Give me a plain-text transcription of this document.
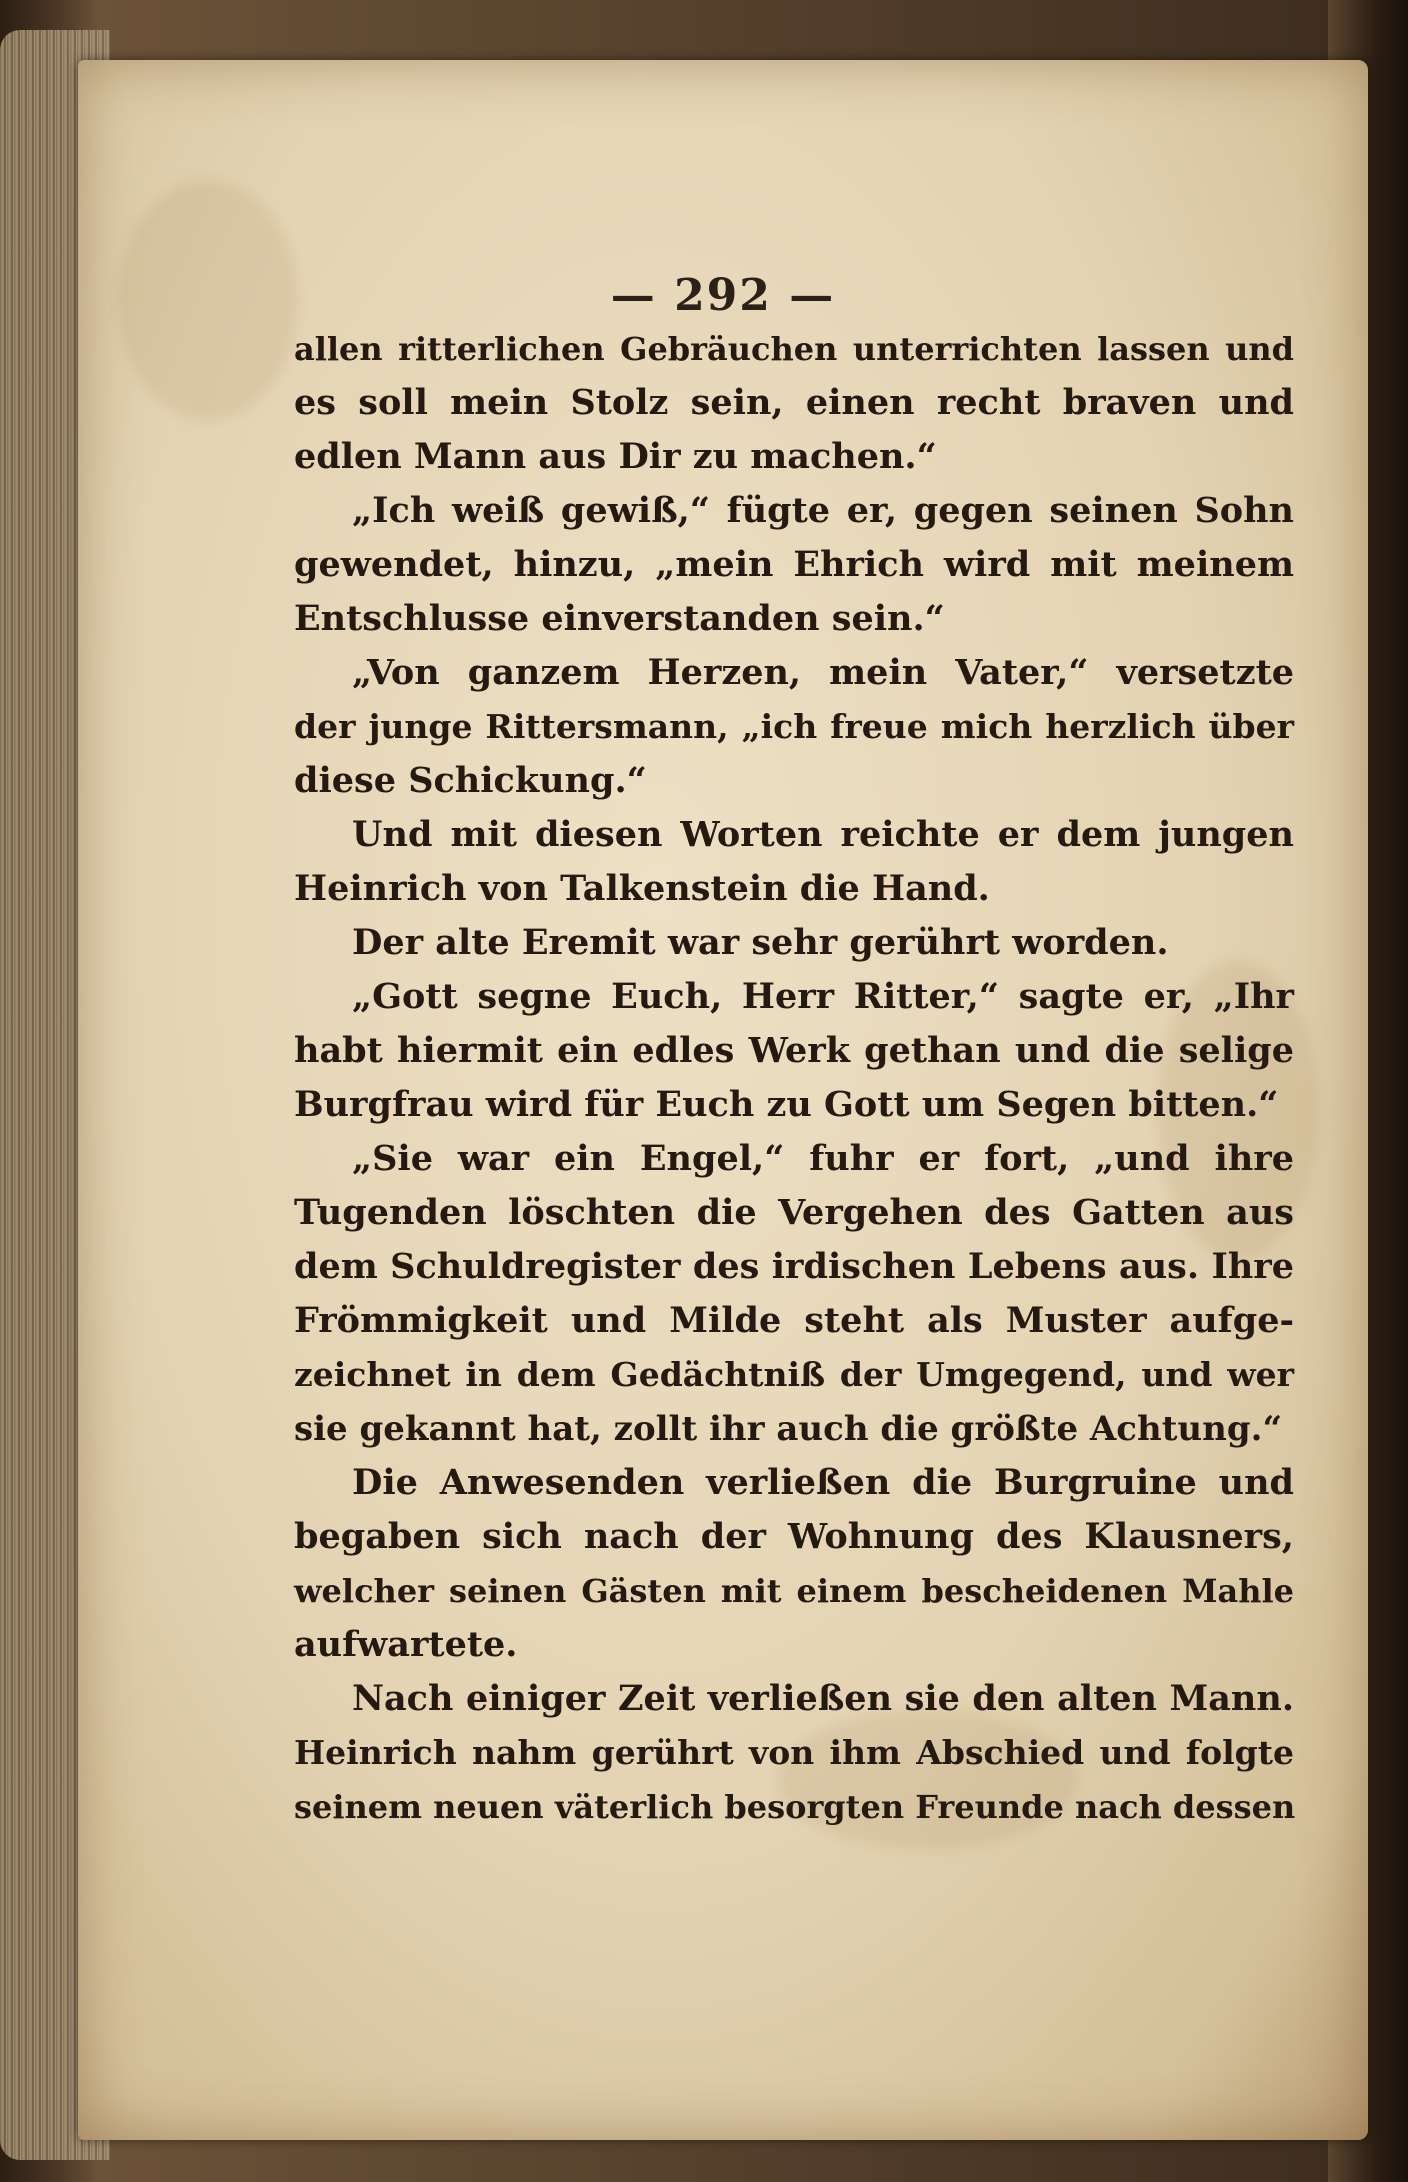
— 292 —
allen ritterlichen Gebräuchen unterrichten lassen und
es soll mein Stolz sein, einen recht braven und
edlen Mann aus Dir zu machen.“
„Ich weiß gewiß,“ fügte er, gegen seinen Sohn
gewendet, hinzu, „mein Ehrich wird mit meinem
Entschlusse einverstanden sein.“
„Von ganzem Herzen, mein Vater,“ versetzte
der junge Rittersmann, „ich freue mich herzlich über
diese Schickung.“
Und mit diesen Worten reichte er dem jungen
Heinrich von Talkenstein die Hand.
Der alte Eremit war sehr gerührt worden.
„Gott segne Euch, Herr Ritter,“ sagte er, „Ihr
habt hiermit ein edles Werk gethan und die selige
Burgfrau wird für Euch zu Gott um Segen bitten.“
„Sie war ein Engel,“ fuhr er fort, „und ihre
Tugenden löschten die Vergehen des Gatten aus
dem Schuldregister des irdischen Lebens aus. Ihre
Frömmigkeit und Milde steht als Muster aufge-
zeichnet in dem Gedächtniß der Umgegend, und wer
sie gekannt hat, zollt ihr auch die größte Achtung.“
Die Anwesenden verließen die Burgruine und
begaben sich nach der Wohnung des Klausners,
welcher seinen Gästen mit einem bescheidenen Mahle
aufwartete.
Nach einiger Zeit verließen sie den alten Mann.
Heinrich nahm gerührt von ihm Abschied und folgte
seinem neuen väterlich besorgten Freunde nach dessen
